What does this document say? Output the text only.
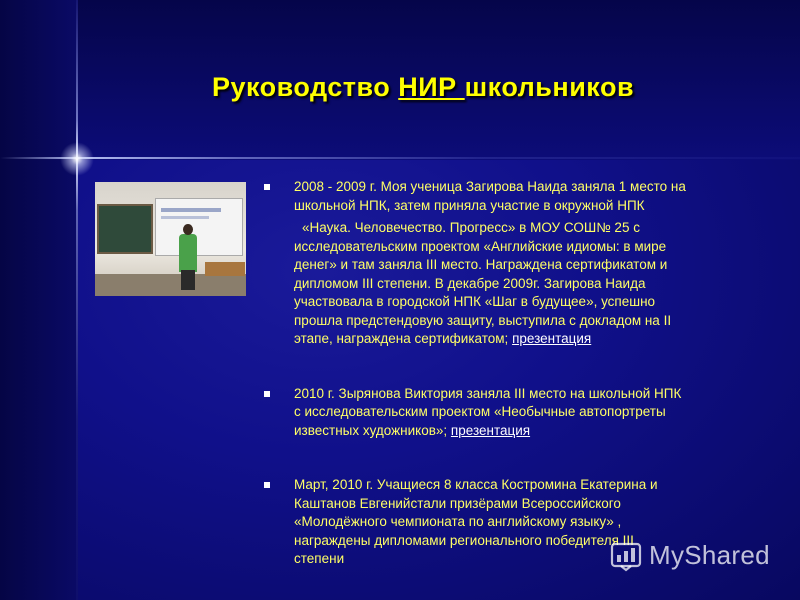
Руководство НИР школьников
2008 - 2009 г. Моя ученица Загирова Наида заняла 1 место на
школьной НПК, затем приняла участие в окружной НПК
«Наука. Человечество. Прогресс» в МОУ СОШ№ 25 с
исследовательским проектом «Английские идиомы: в мире
денег» и там заняла III место. Награждена сертификатом и
дипломом III степени. В декабре 2009г. Загирова Наида
участвовала в городской НПК «Шаг в будущее», успешно
прошла предстендовую защиту, выступила с докладом на II
этапе, награждена сертификатом; презентация
2010 г. Зырянова Виктория заняла III место на школьной НПК
с исследовательским проектом «Необычные автопортреты
известных художников»; презентация
Март, 2010 г. Учащиеся 8 класса Костромина Екатерина и
Каштанов Евгенийстали призёрами Всероссийского
«Молодёжного чемпионата по английскому языку» ,
награждены дипломами регионального победителя III
степени	MyShared
